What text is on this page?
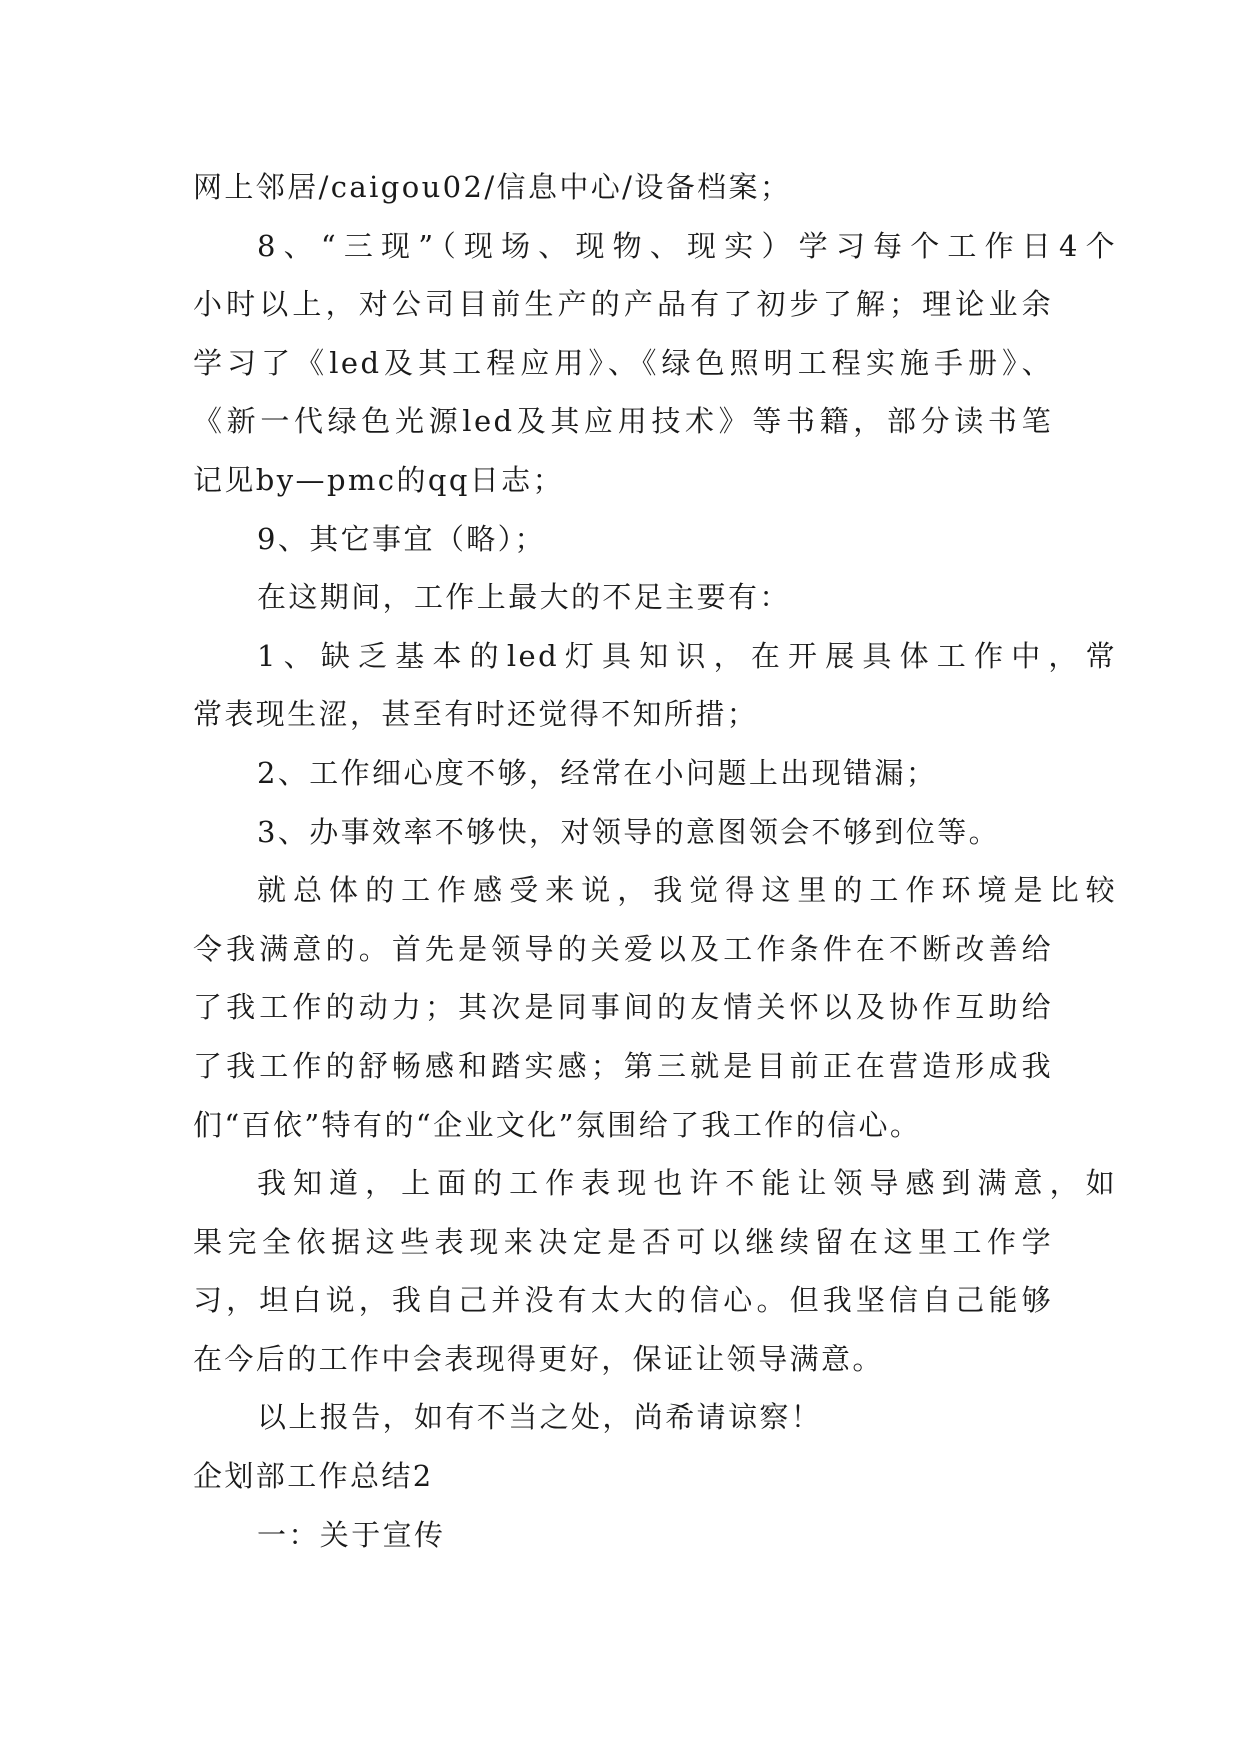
网上邻居/caigou02/信息中心/设备档案；
8、“三现”（现场、现物、现实）学习每个工作日4个
小时以上，对公司目前生产的产品有了初步了解；理论业余
学习了《led及其工程应用》、《绿色照明工程实施手册》、
《新一代绿色光源led及其应用技术》等书籍，部分读书笔
记见by—pmc的qq日志；
9、其它事宜（略）；
在这期间，工作上最大的不足主要有：
1、缺乏基本的led灯具知识，在开展具体工作中，常
常表现生涩，甚至有时还觉得不知所措；
2、工作细心度不够，经常在小问题上出现错漏；
3、办事效率不够快，对领导的意图领会不够到位等。
就总体的工作感受来说，我觉得这里的工作环境是比较
令我满意的。首先是领导的关爱以及工作条件在不断改善给
了我工作的动力；其次是同事间的友情关怀以及协作互助给
了我工作的舒畅感和踏实感；第三就是目前正在营造形成我
们“百依”特有的“企业文化”氛围给了我工作的信心。
我知道，上面的工作表现也许不能让领导感到满意，如
果完全依据这些表现来决定是否可以继续留在这里工作学
习，坦白说，我自己并没有太大的信心。但我坚信自己能够
在今后的工作中会表现得更好，保证让领导满意。
以上报告，如有不当之处，尚希请谅察！
企划部工作总结2
一：关于宣传
